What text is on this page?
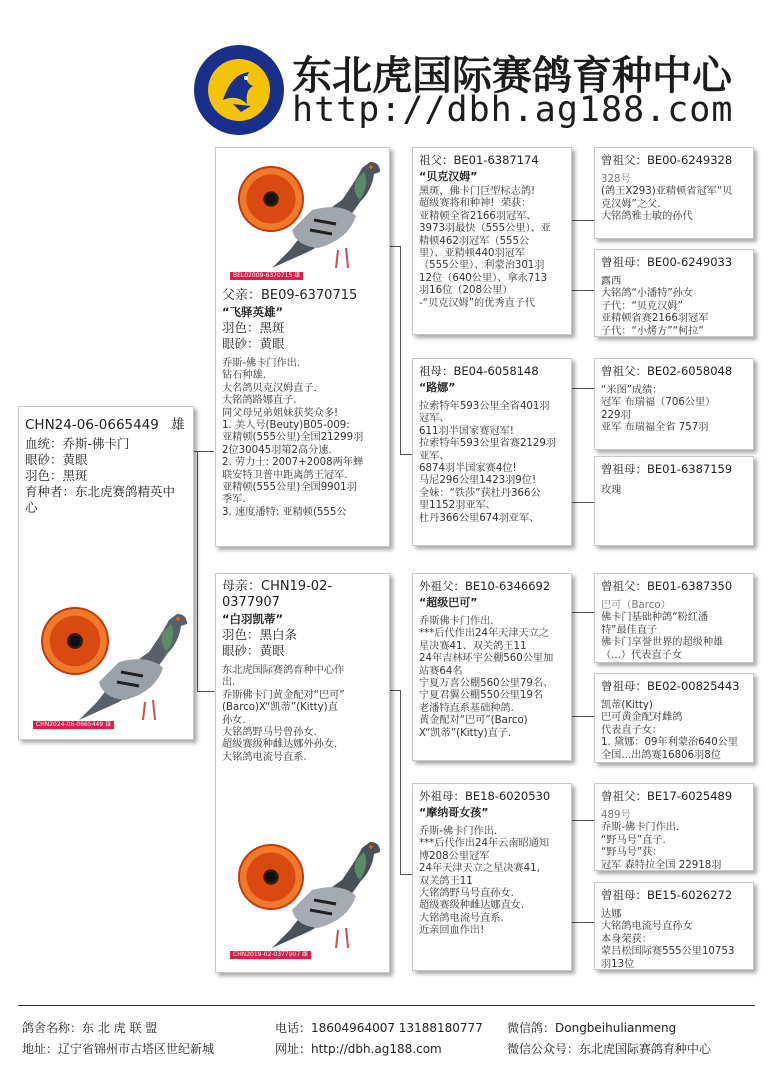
东北虎国际赛鸽育种中心
http://dbh.ag188.com
CHN24-06-0665449 雄
血统：乔斯-佛卡门
眼砂：黄眼
羽色：黑斑
育种者：东北虎赛鸽精英中心
CHN2024-06-0665449 雄
BEL02009-6370715 雄
父亲：BE09-6370715
“飞驿英雄”
羽色：黑斑
眼砂：黄眼
乔斯-佛卡门作出.
钻石种雄.
大名鸽贝克汉姆直子.
大铭鸽路娜直子.
同父母兄弟姐妹获奖众多!
1. 美人号(Beuty)B05-009:
亚精顿(555公里)全国21299羽
2位30045羽第2高分速.
2. 劳力士: 2007+2008两年蝉
联安特卫普中距离鸽王冠军.
亚精顿(555公里)全国9901羽
季军.
3. 速度潘特: 亚精顿(555公
母亲：CHN19-02-0377907
“白羽凯蒂”
羽色：黑白条
眼砂：黄眼
东北虎国际赛鸽育种中心作
出.
乔斯佛卡门黄金配对“巴可”
(Barco)X“凯蒂”(Kitty)直
孙女.
大铭鸽野马号曾孙女.
超级赛级种雌达娜外孙女.
大铭鸽电流号直系.
CHN2019-02-0377907 雌
祖父：BE01-6387174
“贝克汉姆”
黑斑，佛卡门巨型标志鸽!
超级赛将和种神!  荣获：
亚精顿全省2166羽冠军、
3973羽最快（555公里）、亚
精顿462羽冠军（555公
里）、亚精顿440羽冠军
（555公里）、利蒙治301羽
12位（640公里）、拿永713
羽16位（208公里）
-“贝克汉姆”的优秀直子代
祖母：BE04-6058148
“路娜”
拉索特年593公里全省401羽
冠军、
611羽半国家赛冠军!
拉索特年593公里省赛2129羽
亚军、
6874羽半国家赛4位!
马尼296公里1423羽9位!
全妹：“铁莎”获杜丹366公
里1152羽亚军、
杜丹366公里674羽亚军、
外祖父：BE10-6346692
“超级巴可”
乔斯佛卡门作出.
***后代作出24年天津天立之
星决赛41、双关鸽王11
24年吉林环宇公棚560公里加
站赛64名
宁夏万喜公棚560公里79名、
宁夏君翼公棚550公里19名
老潘特直系基础种鸽.
黄金配对“巴可”(Barco)
X“凯蒂”(Kitty)直子.
外祖母：BE18-6020530
“摩纳哥女孩”
乔斯-佛卡门作出.
***后代作出24年云南昭通知
博208公里冠军
24年天津天立之星决赛41,
双关鸽王11
大铭鸽野马号直孙女.
超级赛级种雌达娜直女.
大铭鸽电流号直系.
近亲回血作出!
曾祖父：BE00-6249328
328号
(鸽王X293)亚精顿省冠军“贝
克汉姆”之父.
大铭鸽雅士敏的孙代
曾祖母：BE00-6249033
露西
大铭鸽“小潘特”孙女
子代：“贝克汉姆”
亚精顿省赛2166羽冠军
子代：“小烤方”“柯拉”
曾祖父：BE02-6058048
“米图”成绩：
冠军 布瑞福（706公里）
229羽
亚军 布瑞福全省 757羽
曾祖母：BE01-6387159
玫瑰
曾祖父：BE01-6387350
巴可（Barco）
佛卡门基础种鸽“粉红潘
特”最佳直子
佛卡门享誉世界的超级种雄
（...）代表直子女
曾祖母：BE02-00825443
凯蒂(Kitty)
巴可黄金配对雌鸽
代表直子女：
1. 黛娜：09年利蒙治640公里
全国...出鸽赛16806羽8位
曾祖父：BE17-6025489
489号
乔斯-佛卡门作出.
“野马号”直子.
“野马号”获：
冠军 森特拉全国 22918羽
曾祖母：BE15-6026272
达娜
大铭鸽电流号直孙女
本身荣获：
蒙吕松国际赛555公里10753
羽13位
鸽舍名称：东 北 虎 联 盟	电话：18604964007 13188180777 微信鸽：Dongbeihulianmeng
地址：辽宁省锦州市古塔区世纪新城	网址：http://dbh.ag188.com	微信公众号：东北虎国际赛鸽育种中心
